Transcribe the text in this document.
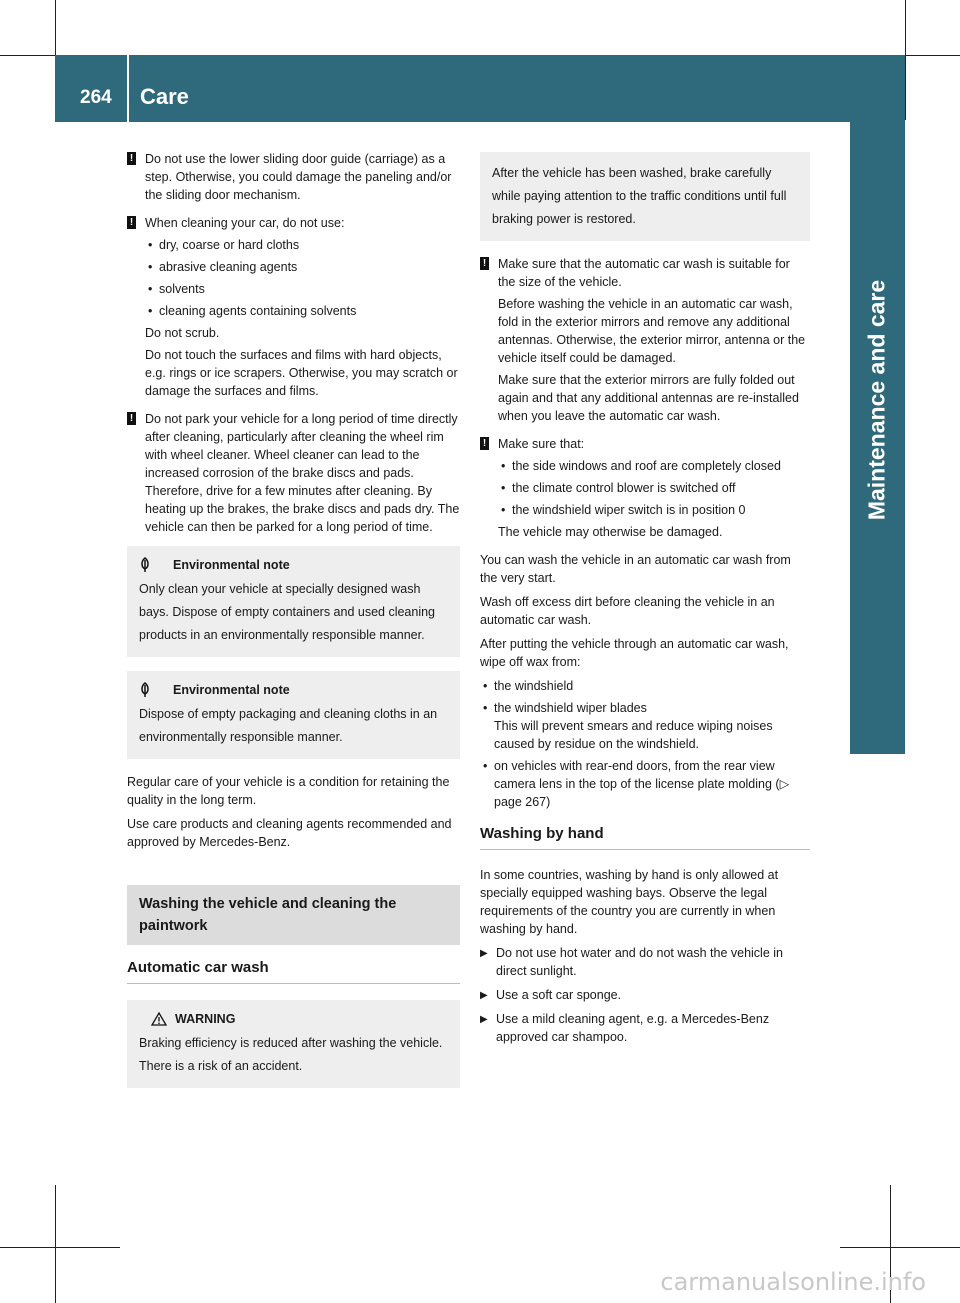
264 Care
Maintenance and care
! Do not use the lower sliding door guide (carriage) as a step. Otherwise, you could damage the paneling and/or the sliding door mechanism.

! When cleaning your car, do not use:

• dry, coarse or hard cloths
• abrasive cleaning agents
• solvents
• cleaning agents containing solvents

Do not scrub.

Do not touch the surfaces and films with hard objects, e.g. rings or ice scrapers. Otherwise, you may scratch or damage the surfaces and films.

! Do not park your vehicle for a long period of time directly after cleaning, particularly after cleaning the wheel rim with wheel cleaner. Wheel cleaner can lead to the increased corrosion of the brake discs and pads. Therefore, drive for a few minutes after cleaning. By heating up the brakes, the brake discs and pads dry. The vehicle can then be parked for a long period of time.

Environmental note
Only clean your vehicle at specially designed wash bays. Dispose of empty containers and used cleaning products in an environmentally responsible manner.
Environmental note
Dispose of empty packaging and cleaning cloths in an environmentally responsible manner.

Regular care of your vehicle is a condition for retaining the quality in the long term.

Use care products and cleaning agents recommended and approved by Mercedes-Benz.

Washing the vehicle and cleaning the paintwork
Automatic car wash
WARNING
Braking efficiency is reduced after washing the vehicle. There is a risk of an accident.
After the vehicle has been washed, brake carefully while paying attention to the traffic conditions until full braking power is restored.
! Make sure that the automatic car wash is suitable for the size of the vehicle.

Before washing the vehicle in an automatic car wash, fold in the exterior mirrors and remove any additional antennas. Otherwise, the exterior mirror, antenna or the vehicle itself could be damaged.

Make sure that the exterior mirrors are fully folded out again and that any additional antennas are re-installed when you leave the automatic car wash.

! Make sure that:

• the side windows and roof are completely closed
• the climate control blower is switched off
• the windshield wiper switch is in position 0

The vehicle may otherwise be damaged.

You can wash the vehicle in an automatic car wash from the very start.

Wash off excess dirt before cleaning the vehicle in an automatic car wash.

After putting the vehicle through an automatic car wash, wipe off wax from:

• the windshield
• the windshield wiper blades
This will prevent smears and reduce wiping noises caused by residue on the windshield.
• on vehicles with rear-end doors, from the rear view camera lens in the top of the license plate molding (▷ page 267)
Washing by hand

In some countries, washing by hand is only allowed at specially equipped washing bays. Observe the legal requirements of the country you are currently in when washing by hand.

▶ Do not use hot water and do not wash the vehicle in direct sunlight.
▶ Use a soft car sponge.
▶ Use a mild cleaning agent, e.g. a Mercedes-Benz approved car shampoo.
carmanualsonline.info
